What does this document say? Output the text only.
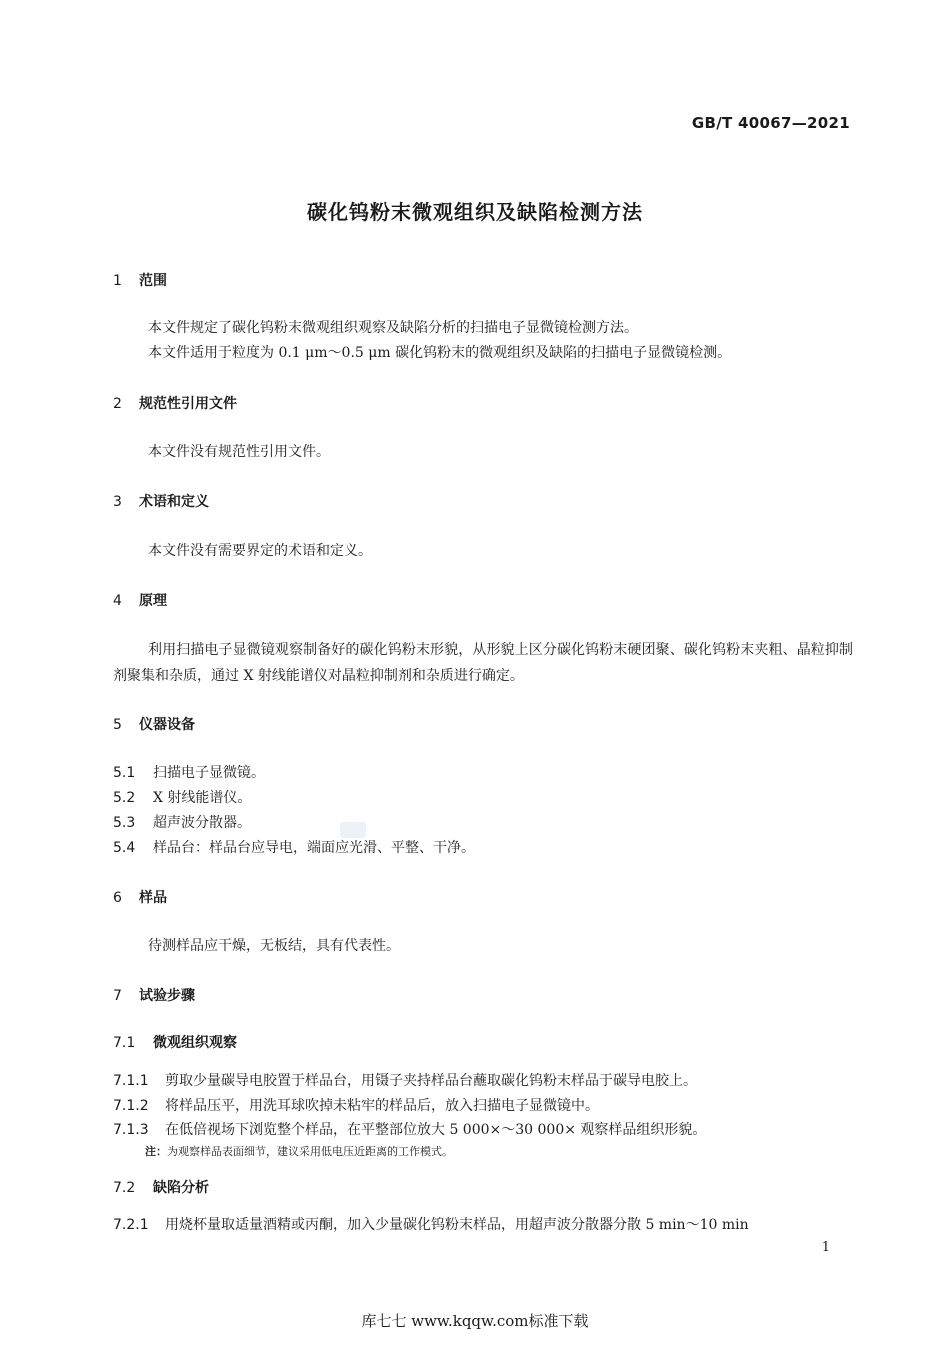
GB/T 40067—2021
碳化钨粉末微观组织及缺陷检测方法
1 范围
本文件规定了碳化钨粉末微观组织观察及缺陷分析的扫描电子显微镜检测方法。
本文件适用于粒度为 0.1 μm～0.5 μm 碳化钨粉末的微观组织及缺陷的扫描电子显微镜检测。
2 规范性引用文件
本文件没有规范性引用文件。
3 术语和定义
本文件没有需要界定的术语和定义。
4 原理
利用扫描电子显微镜观察制备好的碳化钨粉末形貌，从形貌上区分碳化钨粉末硬团聚、碳化钨粉末夹粗、晶粒抑制剂聚集和杂质，通过 X 射线能谱仪对晶粒抑制剂和杂质进行确定。
5 仪器设备
5.1 扫描电子显微镜。
5.2 X 射线能谱仪。
5.3 超声波分散器。
5.4 样品台：样品台应导电，端面应光滑、平整、干净。
6 样品
待测样品应干燥，无板结，具有代表性。
7 试验步骤
7.1 微观组织观察
7.1.1 剪取少量碳导电胶置于样品台，用镊子夹持样品台蘸取碳化钨粉末样品于碳导电胶上。
7.1.2 将样品压平，用洗耳球吹掉未粘牢的样品后，放入扫描电子显微镜中。
7.1.3 在低倍视场下浏览整个样品，在平整部位放大 5 000×～30 000× 观察样品组织形貌。
注：为观察样品表面细节，建议采用低电压近距离的工作模式。
7.2 缺陷分析
7.2.1 用烧杯量取适量酒精或丙酮，加入少量碳化钨粉末样品，用超声波分散器分散 5 min～10 min
1
库七七 www.kqqw.com标准下载
